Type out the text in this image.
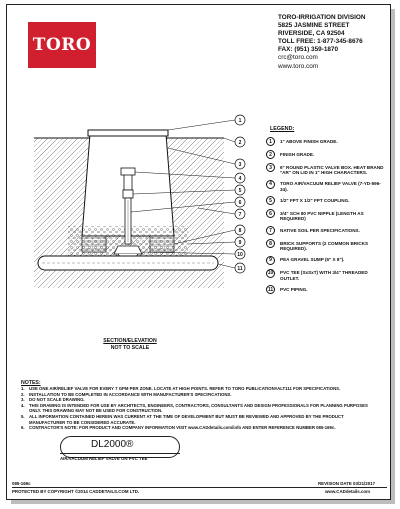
TORO
TORO-IRRIGATION DIVISION
5825 JASMINE STREET
RIVERSIDE, CA 92504
TOLL FREE: 1-877-345-8676
FAX: (951) 359-1870
crc@toro.com
www.toro.com
1
2
3
4
5
6
7
8
9
10
11
SECTION/ELEVATION
NOT TO SCALE
LEGEND:
1	1" ABOVE FINISH GRADE.
2	FINISH GRADE.
3	6" ROUND PLASTIC VALVE BOX. HEAT BRAND "AR" ON LID IN 1" HIGH CHARACTERS.
4	TORO AIR/VACUUM RELIEF VALVE (7-YD-596-34).
5	1/2" FPT X 1/2" FPT COUPLING.
6	3/4" SCH 80 PVC NIPPLE (LENGTH AS REQUIRED)
7	NATIVE SOIL PER SPECIFICATIONS.
8	BRICK SUPPORTS (2 COMMON BRICKS REQUIRED).
9	PEA GRAVEL SUMP (6" X 8").
10	PVC TEE (SxSxT) WITH 3/4" THREADED OUTLET.
11	PVC PIPING.
NOTES:
1.	USE ONE AIR/RELIEF VALVE FOR EVERY 7 GPM PER ZONE. LOCATE AT HIGH POINTS. REFER TO TORO PUBLICATION#ALT111 FOR SPECIFICATIONS.
2.	INSTALLATION TO BE COMPLETED IN ACCORDANCE WITH MANUFACTURER'S SPECIFICATIONS.
3.	DO NOT SCALE DRAWING.
4.	THIS DRAWING IS INTENDED FOR USE BY ARCHITECTS, ENGINEERS, CONTRACTORS, CONSULTANTS AND DESIGN PROFESSIONALS FOR PLANNING PURPOSES ONLY. THIS DRAWING MAY NOT BE USED FOR CONSTRUCTION.
5.	ALL INFORMATION CONTAINED HEREIN WAS CURRENT AT THE TIME OF DEVELOPMENT BUT MUST BE REVIEWED AND APPROVED BY THE PRODUCT MANUFACTURER TO BE CONSIDERED ACCURATE.
6.	CONTRACTOR'S NOTE: FOR PRODUCT AND COMPANY INFORMATION VISIT www.CADdetails.com/info AND ENTER REFERENCE NUMBER 085-169c.
DL2000®
AIR/VACUUM RELIEF VALVE ON PVC TEE
085-169c	REVISION DATE 03/21/2017
PROTECTED BY COPYRIGHT ©2014 CADDETAILS.COM LTD.	www.CADdetails.com
